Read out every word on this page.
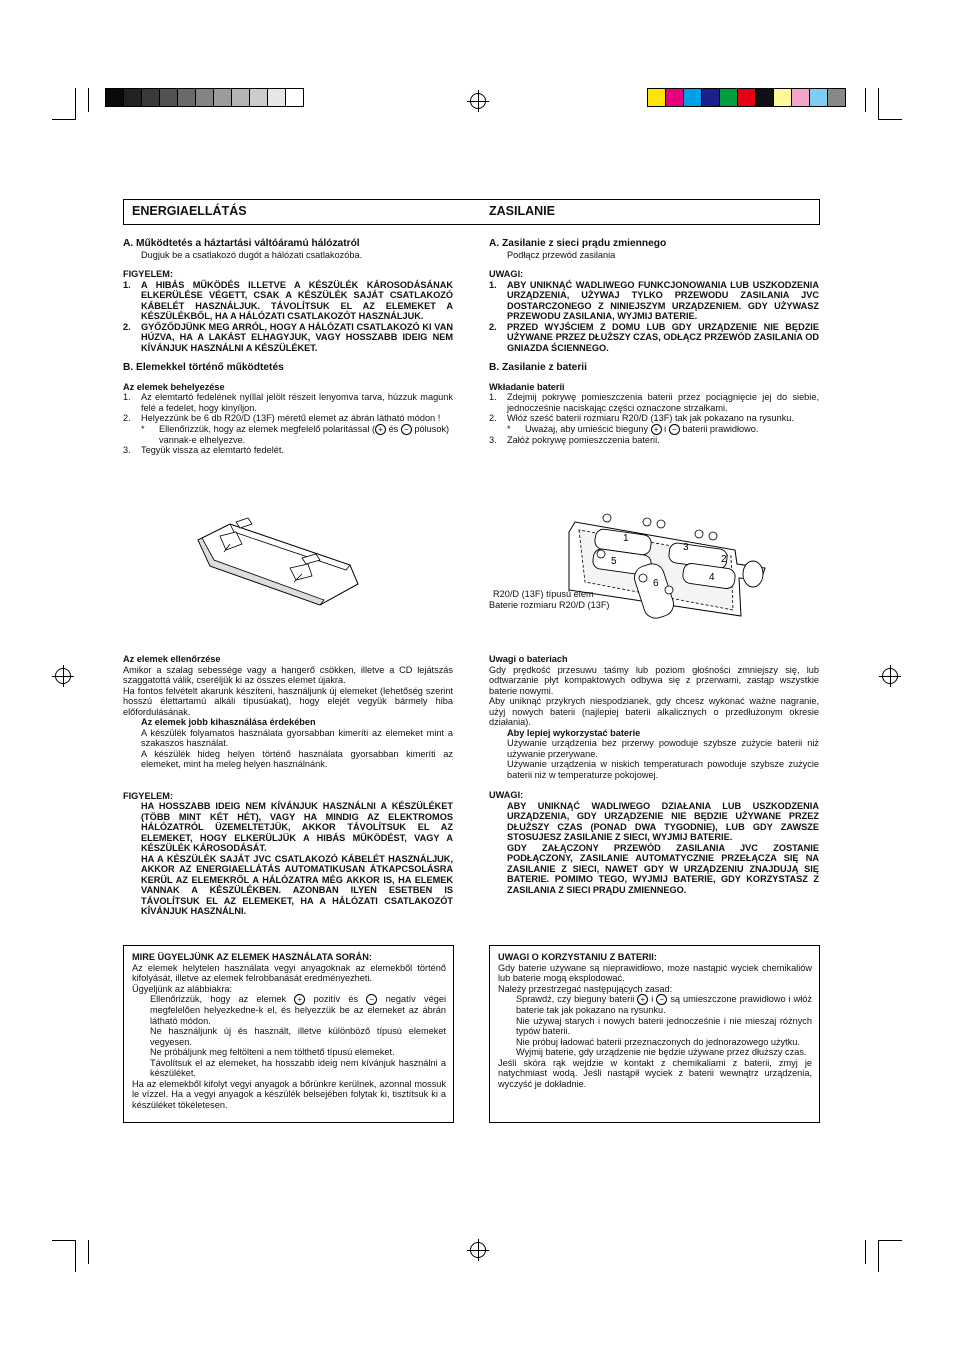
ENERGIAELLÁTÁS	ZASILANIE

A. Működtetés a háztartási váltóáramú hálózatról

Dugjuk be a csatlakozó dugót a hálózati csatlakozóba.

FIGYELEM:

1.	A HIBÁS MŰKÖDÉS ILLETVE A KÉSZÜLÉK KÁROSODÁSÁNAK ELKERÜLÉSE VÉGETT, CSAK A KÉSZÜLÉK SAJÁT CSATLAKOZÓ KÁBELÉT HASZNÁLJUK. TÁVOLÍTSUK EL AZ ELEMEKET A KÉSZÜLÉKBŐL, HA A HÁLÓZATI CSATLAKOZÓT HASZNÁLJUK.
2.	GYŐZŐDJÜNK MEG ARRÓL, HOGY A HÁLÓZATI CSATLAKOZÓ KI VAN HÚZVA, HA A LAKÁST ELHAGYJUK, VAGY HOSSZABB IDEIG NEM KÍVÁNJUK HASZNÁLNI A KÉSZÜLÉKET.

B. Elemekkel történő működtetés

Az elemek behelyezése

1.	Az elemtartó fedelének nyíllal jelölt részeit lenyomva tarva, húzzuk magunk felé a fedelet, hogy kinyíljon.
2.	Helyezzünk be 6 db R20/D (13F) méretű elemet az ábrán látható módon !
*	Ellenőrizzük, hogy az elemek megfelelő polaritással ( + és − pólusok) vannak-e elhelyezve.
3.	Tegyük vissza az elemtartó fedelét.

A. Zasilanie z sieci prądu zmiennego

Podłącz przewód zasilania

UWAGI:

1.	ABY UNIKNĄĆ WADLIWEGO FUNKCJONOWANIA LUB USZKODZENIA URZĄDZENIA, UŻYWAJ TYLKO PRZEWODU ZASILANIA JVC DOSTARCZONEGO Z NINIEJSZYM URZĄDZENIEM. GDY UŻYWASZ PRZEWODU ZASILANIA, WYJMIJ BATERIE.
2.	PRZED WYJŚCIEM Z DOMU LUB GDY URZĄDZENIE NIE BĘDZIE UŻYWANE PRZEZ DŁUŻSZY CZAS, ODŁĄCZ PRZEWÓD ZASILANIA OD GNIAZDA ŚCIENNEGO.

B. Zasilanie z baterii

Wkładanie baterii

1.	Zdejmij pokrywę pomieszczenia baterii przez pociągnięcie jej do siebie, jednocześnie naciskając części oznaczone strzałkami.
2.	Włóż sześć baterii rozmiaru R20/D (13F) tak jak pokazano na rysunku.
*	Uważaj, aby umieścić bieguny + i − baterii prawidłowo.
3.	Załóż pokrywę pomieszczenia baterii.
1
2
3
4
5
6
R20/D (13F) típusú elem
Baterie rozmiaru R20/D (13F)

Az elemek ellenőrzése

Amikor a szalag sebessége vagy a hangerő csökken, illetve a CD lejátszás szaggatottá válik, cseréljük ki az összes elemet újakra.

Ha fontos felvételt akarunk készíteni, használjunk új elemeket (lehetőség szerint hosszú élettartamú alkáli típusúakat), hogy elejét vegyük bármely hiba előfordulásának.

Az elemek jobb kihasználása érdekében

A készülék folyamatos használata gyorsabban kimeríti az elemeket mint a szakaszos használat.

A készülék hideg helyen történő használata gyorsabban kimeríti az elemeket, mint ha meleg helyen használnánk.

FIGYELEM:

HA HOSSZABB IDEIG NEM KÍVÁNJUK HASZNÁLNI A KÉSZÜLÉKET (TÖBB MINT KÉT HÉT), VAGY HA MINDIG AZ ELEKTROMOS HÁLÓZATRÓL ÜZEMELTETJÜK, AKKOR TÁVOLÍTSUK EL AZ ELEMEKET, HOGY ELKERÜLJÜK A HIBÁS MŰKÖDÉST, VAGY A KÉSZÜLÉK KÁROSODÁSÁT.

HA A KÉSZÜLÉK SAJÁT JVC CSATLAKOZÓ KÁBELÉT HASZNÁLJUK, AKKOR AZ ENERGIAELLÁTÁS AUTOMATIKUSAN ÁTKAPCSOLÁSRA KERÜL AZ ELEMEKRŐL A HÁLÓZATRA MÉG AKKOR IS, HA ELEMEK VANNAK A KÉSZÜLÉKBEN. AZONBAN ILYEN ESETBEN IS TÁVOLÍTSUK EL AZ ELEMEKET, HA A HÁLÓZATI CSATLAKOZÓT KÍVÁNJUK HASZNÁLNI.

Uwagi o bateriach

Gdy prędkość przesuwu taśmy lub poziom głośności zmniejszy się, lub odtwarzanie płyt kompaktowych odbywa się z przerwami, zastąp wszystkie baterie nowymi.

Aby uniknąć przykrych niespodzianek, gdy chcesz wykonać ważne nagranie, użyj nowych baterii (najlepiej baterii alkalicznych o przedłużonym okresie działania).

Aby lepiej wykorzystać baterie

Używanie urządzenia bez przerwy powoduje szybsze zużycie baterii niż używanie przerywane.

Używanie urządzenia w niskich temperaturach powoduje szybsze zużycie baterii niż w temperaturze pokojowej.

UWAGI:

ABY UNIKNĄĆ WADLIWEGO DZIAŁANIA LUB USZKODZENIA URZĄDZENIA, GDY URZĄDZENIE NIE BĘDZIE UŻYWANE PRZEZ DŁUŻSZY CZAS (PONAD DWA TYGODNIE), LUB GDY ZAWSZE STOSUJESZ ZASILANIE Z SIECI, WYJMIJ BATERIE.

GDY ZAŁĄCZONY PRZEWÓD ZASILANIA JVC ZOSTANIE PODŁĄCZONY, ZASILANIE AUTOMATYCZNIE PRZEŁĄCZA SIĘ NA ZASILANIE Z SIECI, NAWET GDY W URZĄDZENIU ZNAJDUJĄ SIĘ BATERIE. POMIMO TEGO, WYJMIJ BATERIE, GDY KORZYSTASZ Z ZASILANIA Z SIECI PRĄDU ZMIENNEGO.

MIRE ÜGYELJÜNK AZ ELEMEK HASZNÁLATA SORÁN:

Az elemek helytelen használata vegyi anyagoknak az elemekből történő kifolyását, illetve az elemek felrobbanását eredményezheti.

Ügyeljünk az alábbiakra:

Ellenőrizzük, hogy az elemek + pozitív és − negatív végei megfelelően helyezkedne-k el, és helyezzük be az elemeket az ábrán látható módon.

Ne használjunk új és használt, illetve különböző típusú elemeket vegyesen.

Ne próbáljunk meg feltölteni a nem tölthető típusú elemeket.

Távolítsuk el az elemeket, ha hosszabb ideig nem kívánjuk használni a készüléket.

Ha az elemekből kifolyt vegyi anyagok a bőrünkre kerülnek, azonnal mossuk le vízzel. Ha a vegyi anyagok a készülék belsejében folytak ki, tisztítsuk ki a készüléket tökéletesen.

UWAGI O KORZYSTANIU Z BATERII:

Gdy baterie używane są nieprawidłowo, może nastąpić wyciek chemikaliów lub baterie mogą eksplodować.

Należy przestrzegać następujących zasad:

Sprawdź, czy bieguny baterii + i − są umieszczone prawidłowo i włóż baterie tak jak pokazano na rysunku.

Nie używaj starych i nowych baterii jednocześnie i nie mieszaj różnych typów baterii.

Nie próbuj ładować baterii przeznaczonych do jednorazowego użytku.

Wyjmij baterie, gdy urządzenie nie będzie używane przez dłuższy czas.

Jeśli skóra rąk wejdzie w kontakt z chemikaliami z baterii, zmyj je natychmiast wodą. Jeśli nastąpił wyciek z baterii wewnątrz urządzenia, wyczyść je dokładnie.
